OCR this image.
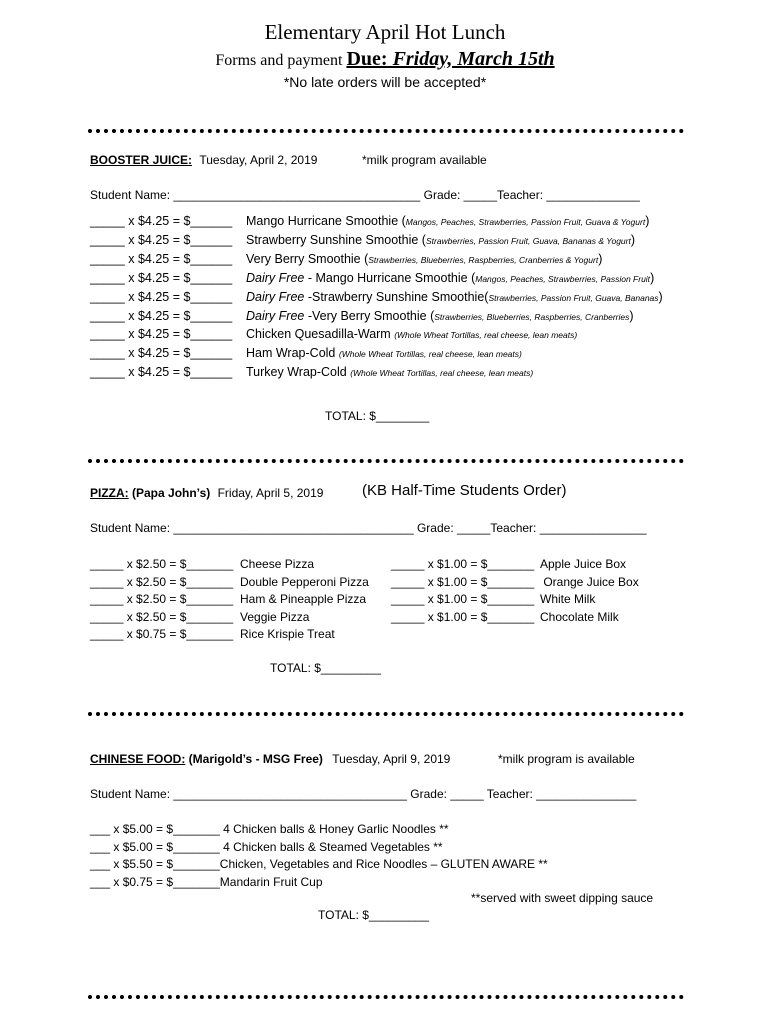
Elementary April Hot Lunch
Forms and payment Due: Friday, March 15th
*No late orders will be accepted*
BOOSTER JUICE: Tuesday, April 2, 2019	*milk program available
Student Name: _____________________________________ Grade: _____Teacher: ______________
_____ x $4.25 = $______ Mango Hurricane Smoothie (Mangos, Peaches, Strawberries, Passion Fruit, Guava & Yogurt)
_____ x $4.25 = $______ Strawberry Sunshine Smoothie (Strawberries, Passion Fruit, Guava, Bananas & Yogurt)
_____ x $4.25 = $______ Very Berry Smoothie (Strawberries, Blueberries, Raspberries, Cranberries & Yogurt)
_____ x $4.25 = $______ Dairy Free - Mango Hurricane Smoothie (Mangos, Peaches, Strawberries, Passion Fruit)
_____ x $4.25 = $______ Dairy Free -Strawberry Sunshine Smoothie(Strawberries, Passion Fruit, Guava, Bananas)
_____ x $4.25 = $______ Dairy Free -Very Berry Smoothie (Strawberries, Blueberries, Raspberries, Cranberries)
_____ x $4.25 = $______ Chicken Quesadilla-Warm (Whole Wheat Tortillas, real cheese, lean meats)
_____ x $4.25 = $______ Ham Wrap-Cold (Whole Wheat Tortillas, real cheese, lean meats)
_____ x $4.25 = $______ Turkey Wrap-Cold (Whole Wheat Tortillas, real cheese, lean meats)
TOTAL: $________
PIZZA: (Papa John’s) Friday, April 5, 2019	(KB Half-Time Students Order)
Student Name: ____________________________________ Grade: _____Teacher: ________________
_____ x $2.50 = $_______ Cheese Pizza
_____ x $2.50 = $_______ Double Pepperoni Pizza
_____ x $2.50 = $_______ Ham & Pineapple Pizza
_____ x $2.50 = $_______ Veggie Pizza
_____ x $0.75 = $_______ Rice Krispie Treat
_____ x $1.00 = $_______ Apple Juice Box
_____ x $1.00 = $_______ Orange Juice Box
_____ x $1.00 = $_______ White Milk
_____ x $1.00 = $_______ Chocolate Milk
TOTAL: $_________
CHINESE FOOD: (Marigold’s - MSG Free) Tuesday, April 9, 2019	*milk program is available
Student Name: ___________________________________ Grade: _____ Teacher: _______________
___ x $5.00 = $_______ 4 Chicken balls & Honey Garlic Noodles **
___ x $5.00 = $_______ 4 Chicken balls & Steamed Vegetables **
___ x $5.50 = $_______Chicken, Vegetables and Rice Noodles – GLUTEN AWARE **
___ x $0.75 = $_______Mandarin Fruit Cup
**served with sweet dipping sauce
TOTAL: $_________
